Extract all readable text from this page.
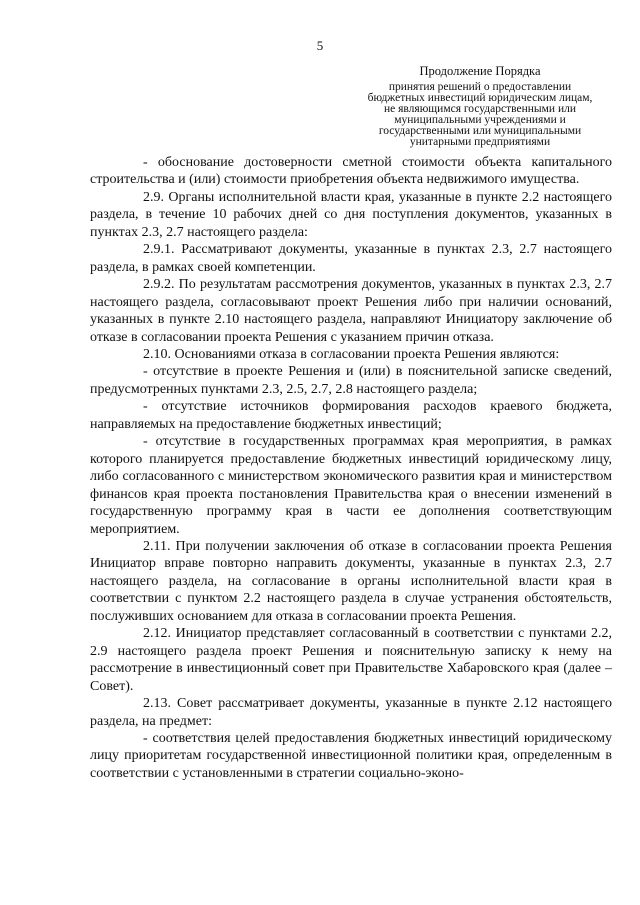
5
Продолжение Порядка
принятия решений о предоставлении
бюджетных инвестиций юридическим лицам,
не являющимся государственными или
муниципальными учреждениями и
государственными или муниципальными
унитарными предприятиями

- обоснование достоверности сметной стоимости объекта капитального строительства и (или) стоимости приобретения объекта недвижимого имущества.

2.9. Органы исполнительной власти края, указанные в пункте 2.2 настоящего раздела, в течение 10 рабочих дней со дня поступления документов, указанных в пунктах 2.3, 2.7 настоящего раздела:

2.9.1. Рассматривают документы, указанные в пунктах 2.3, 2.7 настоящего раздела, в рамках своей компетенции.

2.9.2. По результатам рассмотрения документов, указанных в пунктах 2.3, 2.7 настоящего раздела, согласовывают проект Решения либо при наличии оснований, указанных в пункте 2.10 настоящего раздела, направляют Инициатору заключение об отказе в согласовании проекта Решения с указанием причин отказа.

2.10. Основаниями отказа в согласовании проекта Решения являются:

- отсутствие в проекте Решения и (или) в пояснительной записке сведений, предусмотренных пунктами 2.3, 2.5, 2.7, 2.8 настоящего раздела;

- отсутствие источников формирования расходов краевого бюджета, направляемых на предоставление бюджетных инвестиций;

- отсутствие в государственных программах края мероприятия, в рамках которого планируется предоставление бюджетных инвестиций юридическому лицу, либо согласованного с министерством экономического развития края и министерством финансов края проекта постановления Правительства края о внесении изменений в государственную программу края в части ее дополнения соответствующим мероприятием.

2.11. При получении заключения об отказе в согласовании проекта Решения Инициатор вправе повторно направить документы, указанные в пунктах 2.3, 2.7 настоящего раздела, на согласование в органы исполнительной власти края в соответствии с пунктом 2.2 настоящего раздела в случае устранения обстоятельств, послуживших основанием для отказа в согласовании проекта Решения.

2.12. Инициатор представляет согласованный в соответствии с пунктами 2.2, 2.9 настоящего раздела проект Решения и пояснительную записку к нему на рассмотрение в инвестиционный совет при Правительстве Хабаровского края (далее – Совет).

2.13. Совет рассматривает документы, указанные в пункте 2.12 настоящего раздела, на предмет:

- соответствия целей предоставления бюджетных инвестиций юридическому лицу приоритетам государственной инвестиционной политики края, определенным в соответствии с установленными в стратегии социально-эконо-
